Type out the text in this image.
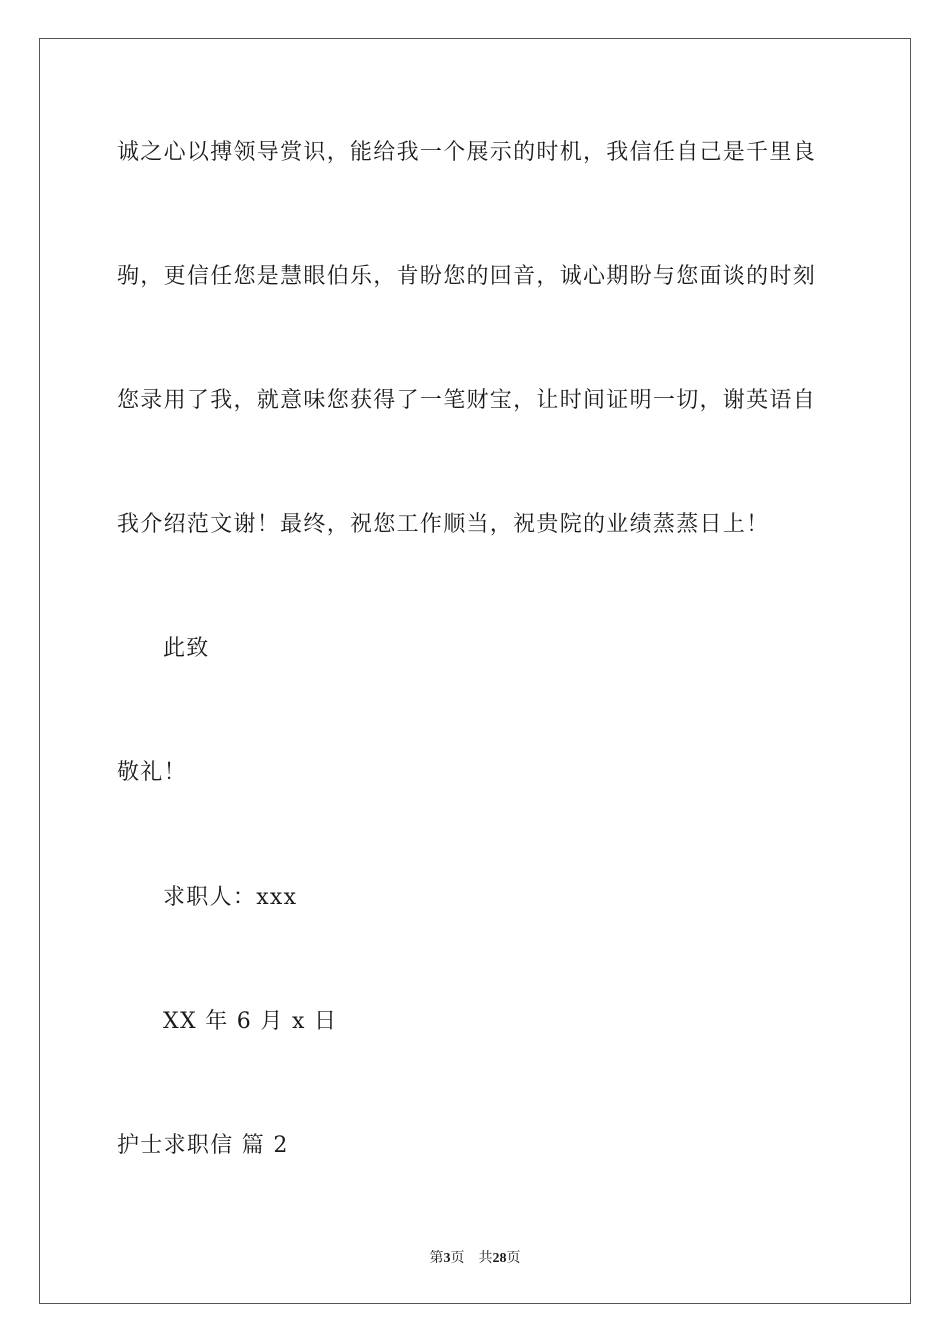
诚之心以搏领导赏识，能给我一个展示的时机，我信任自己是千里良
驹，更信任您是慧眼伯乐，肯盼您的回音，诚心期盼与您面谈的时刻
您录用了我，就意味您获得了一笔财宝，让时间证明一切，谢英语自
我介绍范文谢！最终，祝您工作顺当，祝贵院的业绩蒸蒸日上！
此致
敬礼！
求职人：xxx
XX 年 6 月 x 日
护士求职信 篇 2
第3页 共28页
